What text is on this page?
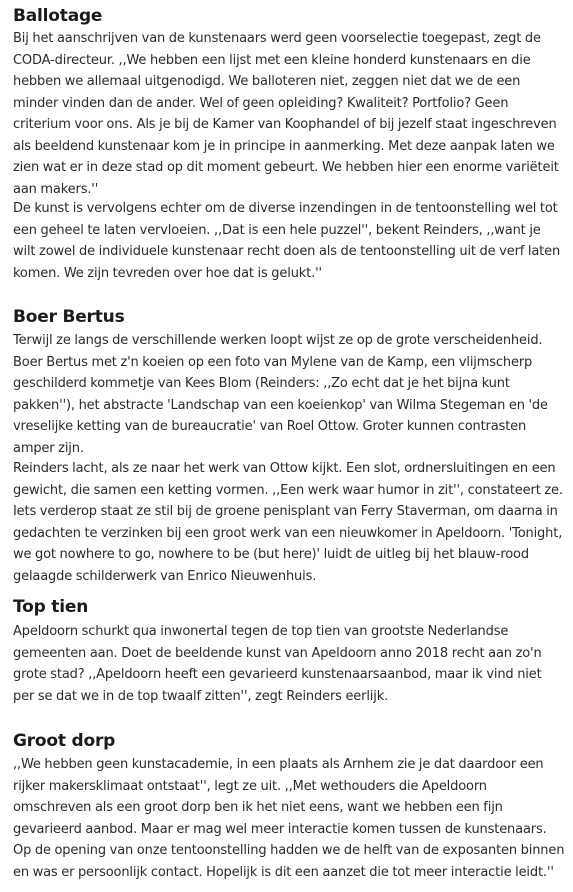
Ballotage

Bij het aanschrijven van de kunstenaars werd geen voorselectie toegepast, zegt de CODA-directeur. ,,We hebben een lijst met een kleine honderd kunstenaars en die hebben we allemaal uitgenodigd. We balloteren niet, zeggen niet dat we de een minder vinden dan de ander. Wel of geen opleiding? Kwaliteit? Portfolio? Geen criterium voor ons. Als je bij de Kamer van Koophandel of bij jezelf staat ingeschreven als beeldend kunstenaar kom je in principe in aanmerking. Met deze aanpak laten we zien wat er in deze stad op dit moment gebeurt. We hebben hier een enorme variëteit aan makers.''

De kunst is vervolgens echter om de diverse inzendingen in de tentoonstelling wel tot een geheel te laten vervloeien. ,,Dat is een hele puzzel'', bekent Reinders, ,,want je wilt zowel de individuele kunstenaar recht doen als de tentoonstelling uit de verf laten komen. We zijn tevreden over hoe dat is gelukt.''

Boer Bertus

Terwijl ze langs de verschillende werken loopt wijst ze op de grote verscheidenheid. Boer Bertus met z'n koeien op een foto van Mylene van de Kamp, een vlijmscherp geschilderd kommetje van Kees Blom (Reinders: ,,Zo echt dat je het bijna kunt pakken''), het abstracte 'Landschap van een koeienkop' van Wilma Stegeman en 'de vreselijke ketting van de bureaucratie' van Roel Ottow. Groter kunnen contrasten amper zijn.

Reinders lacht, als ze naar het werk van Ottow kijkt. Een slot, ordnersluitingen en een gewicht, die samen een ketting vormen. ,,Een werk waar humor in zit'', constateert ze. Iets verderop staat ze stil bij de groene penisplant van Ferry Staverman, om daarna in gedachten te verzinken bij een groot werk van een nieuwkomer in Apeldoorn. 'Tonight, we got nowhere to go, nowhere to be (but here)' luidt de uitleg bij het blauw-rood gelaagde schilderwerk van Enrico Nieuwenhuis.

Top tien

Apeldoorn schurkt qua inwonertal tegen de top tien van grootste Nederlandse gemeenten aan. Doet de beeldende kunst van Apeldoorn anno 2018 recht aan zo'n grote stad? ,,Apeldoorn heeft een gevarieerd kunstenaarsaanbod, maar ik vind niet per se dat we in de top twaalf zitten'', zegt Reinders eerlijk.

Groot dorp

,,We hebben geen kunstacademie, in een plaats als Arnhem zie je dat daardoor een rijker makersklimaat ontstaat'', legt ze uit. ,,Met wethouders die Apeldoorn omschreven als een groot dorp ben ik het niet eens, want we hebben een fijn gevarieerd aanbod. Maar er mag wel meer interactie komen tussen de kunstenaars. Op de opening van onze tentoonstelling hadden we de helft van de exposanten binnen en was er persoonlijk contact. Hopelijk is dit een aanzet die tot meer interactie leidt.''
